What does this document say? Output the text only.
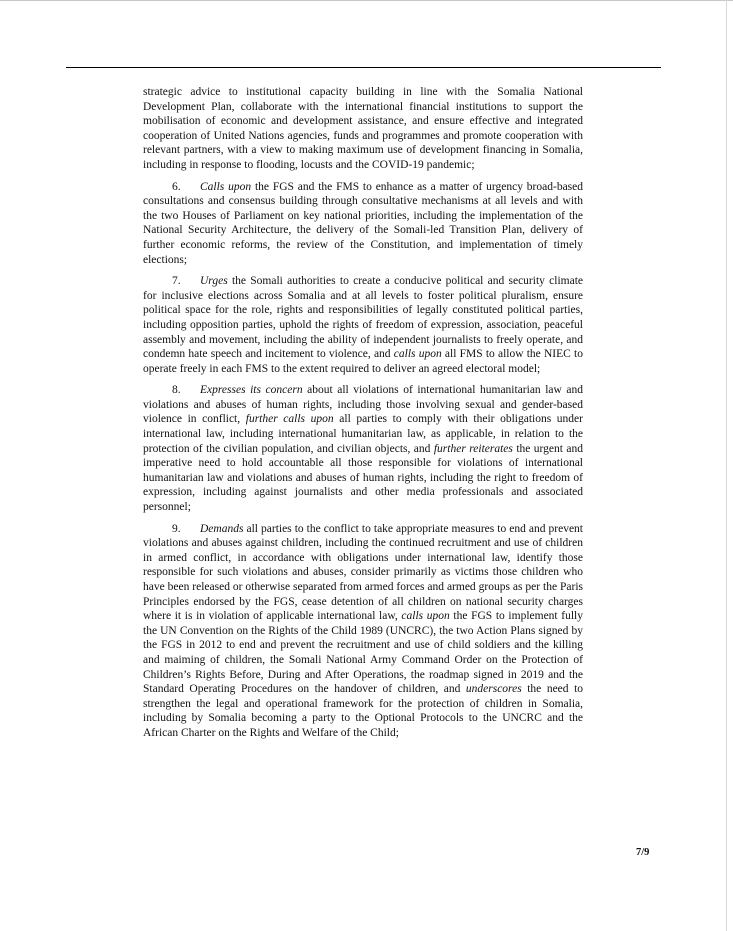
strategic advice to institutional capacity building in line with the Somalia National Development Plan, collaborate with the international financial institutions to support the mobilisation of economic and development assistance, and ensure effective and integrated cooperation of United Nations agencies, funds and programmes and promote cooperation with relevant partners, with a view to making maximum use of development financing in Somalia, including in response to flooding, locusts and the COVID-19 pandemic;

6. Calls upon the FGS and the FMS to enhance as a matter of urgency broad-based consultations and consensus building through consultative mechanisms at all levels and with the two Houses of Parliament on key national priorities, including the implementation of the National Security Architecture, the delivery of the Somali-led Transition Plan, delivery of further economic reforms, the review of the Constitution, and implementation of timely elections;

7. Urges the Somali authorities to create a conducive political and security climate for inclusive elections across Somalia and at all levels to foster political pluralism, ensure political space for the role, rights and responsibilities of legally constituted political parties, including opposition parties, uphold the rights of freedom of expression, association, peaceful assembly and movement, including the ability of independent journalists to freely operate, and condemn hate speech and incitement to violence, and calls upon all FMS to allow the NIEC to operate freely in each FMS to the extent required to deliver an agreed electoral model;

8. Expresses its concern about all violations of international humanitarian law and violations and abuses of human rights, including those involving sexual and gender-based violence in conflict, further calls upon all parties to comply with their obligations under international law, including international humanitarian law, as applicable, in relation to the protection of the civilian population, and civilian objects, and further reiterates the urgent and imperative need to hold accountable all those responsible for violations of international humanitarian law and violations and abuses of human rights, including the right to freedom of expression, including against journalists and other media professionals and associated personnel;

9. Demands all parties to the conflict to take appropriate measures to end and prevent violations and abuses against children, including the continued recruitment and use of children in armed conflict, in accordance with obligations under international law, identify those responsible for such violations and abuses, consider primarily as victims those children who have been released or otherwise separated from armed forces and armed groups as per the Paris Principles endorsed by the FGS, cease detention of all children on national security charges where it is in violation of applicable international law, calls upon the FGS to implement fully the UN Convention on the Rights of the Child 1989 (UNCRC), the two Action Plans signed by the FGS in 2012 to end and prevent the recruitment and use of child soldiers and the killing and maiming of children, the Somali National Army Command Order on the Protection of Children’s Rights Before, During and After Operations, the roadmap signed in 2019 and the Standard Operating Procedures on the handover of children, and underscores the need to strengthen the legal and operational framework for the protection of children in Somalia, including by Somalia becoming a party to the Optional Protocols to the UNCRC and the African Charter on the Rights and Welfare of the Child;

7/9
